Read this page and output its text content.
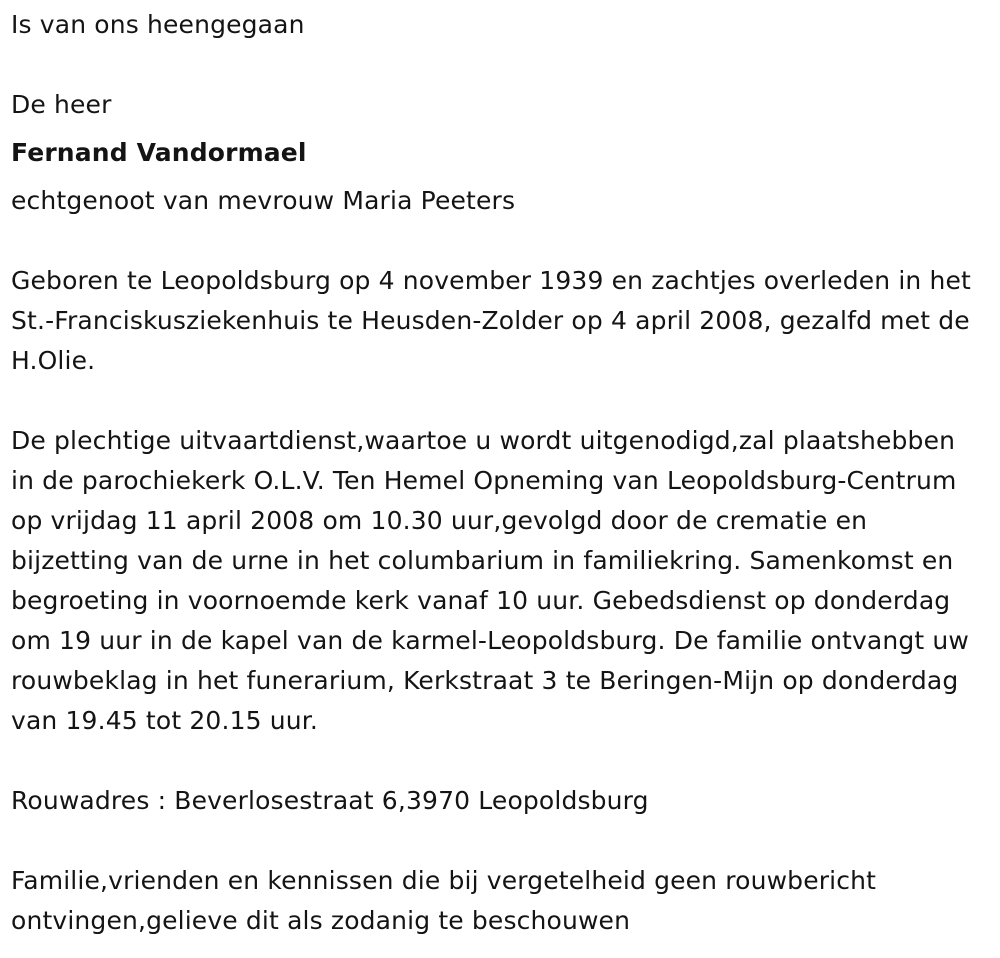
Is van ons heengegaan
De heer
Fernand Vandormael
echtgenoot van mevrouw Maria Peeters
Geboren te Leopoldsburg op 4 november 1939 en zachtjes overleden in het St.-Franciskusziekenhuis te Heusden-Zolder op 4 april 2008, gezalfd met de H.Olie.
De plechtige uitvaartdienst,waartoe u wordt uitgenodigd,zal plaatshebben in de parochiekerk O.L.V. Ten Hemel Opneming van Leopoldsburg-Centrum op vrijdag 11 april 2008 om 10.30 uur,gevolgd door de crematie en bijzetting van de urne in het columbarium in familiekring. Samenkomst en begroeting in voornoemde kerk vanaf 10 uur. Gebedsdienst op donderdag om 19 uur in de kapel van de karmel-Leopoldsburg. De familie ontvangt uw rouwbeklag in het funerarium, Kerkstraat 3 te Beringen-Mijn op donderdag van 19.45 tot 20.15 uur.
Rouwadres : Beverlosestraat 6,3970 Leopoldsburg
Familie,vrienden en kennissen die bij vergetelheid geen rouwbericht ontvingen,gelieve dit als zodanig te beschouwen
